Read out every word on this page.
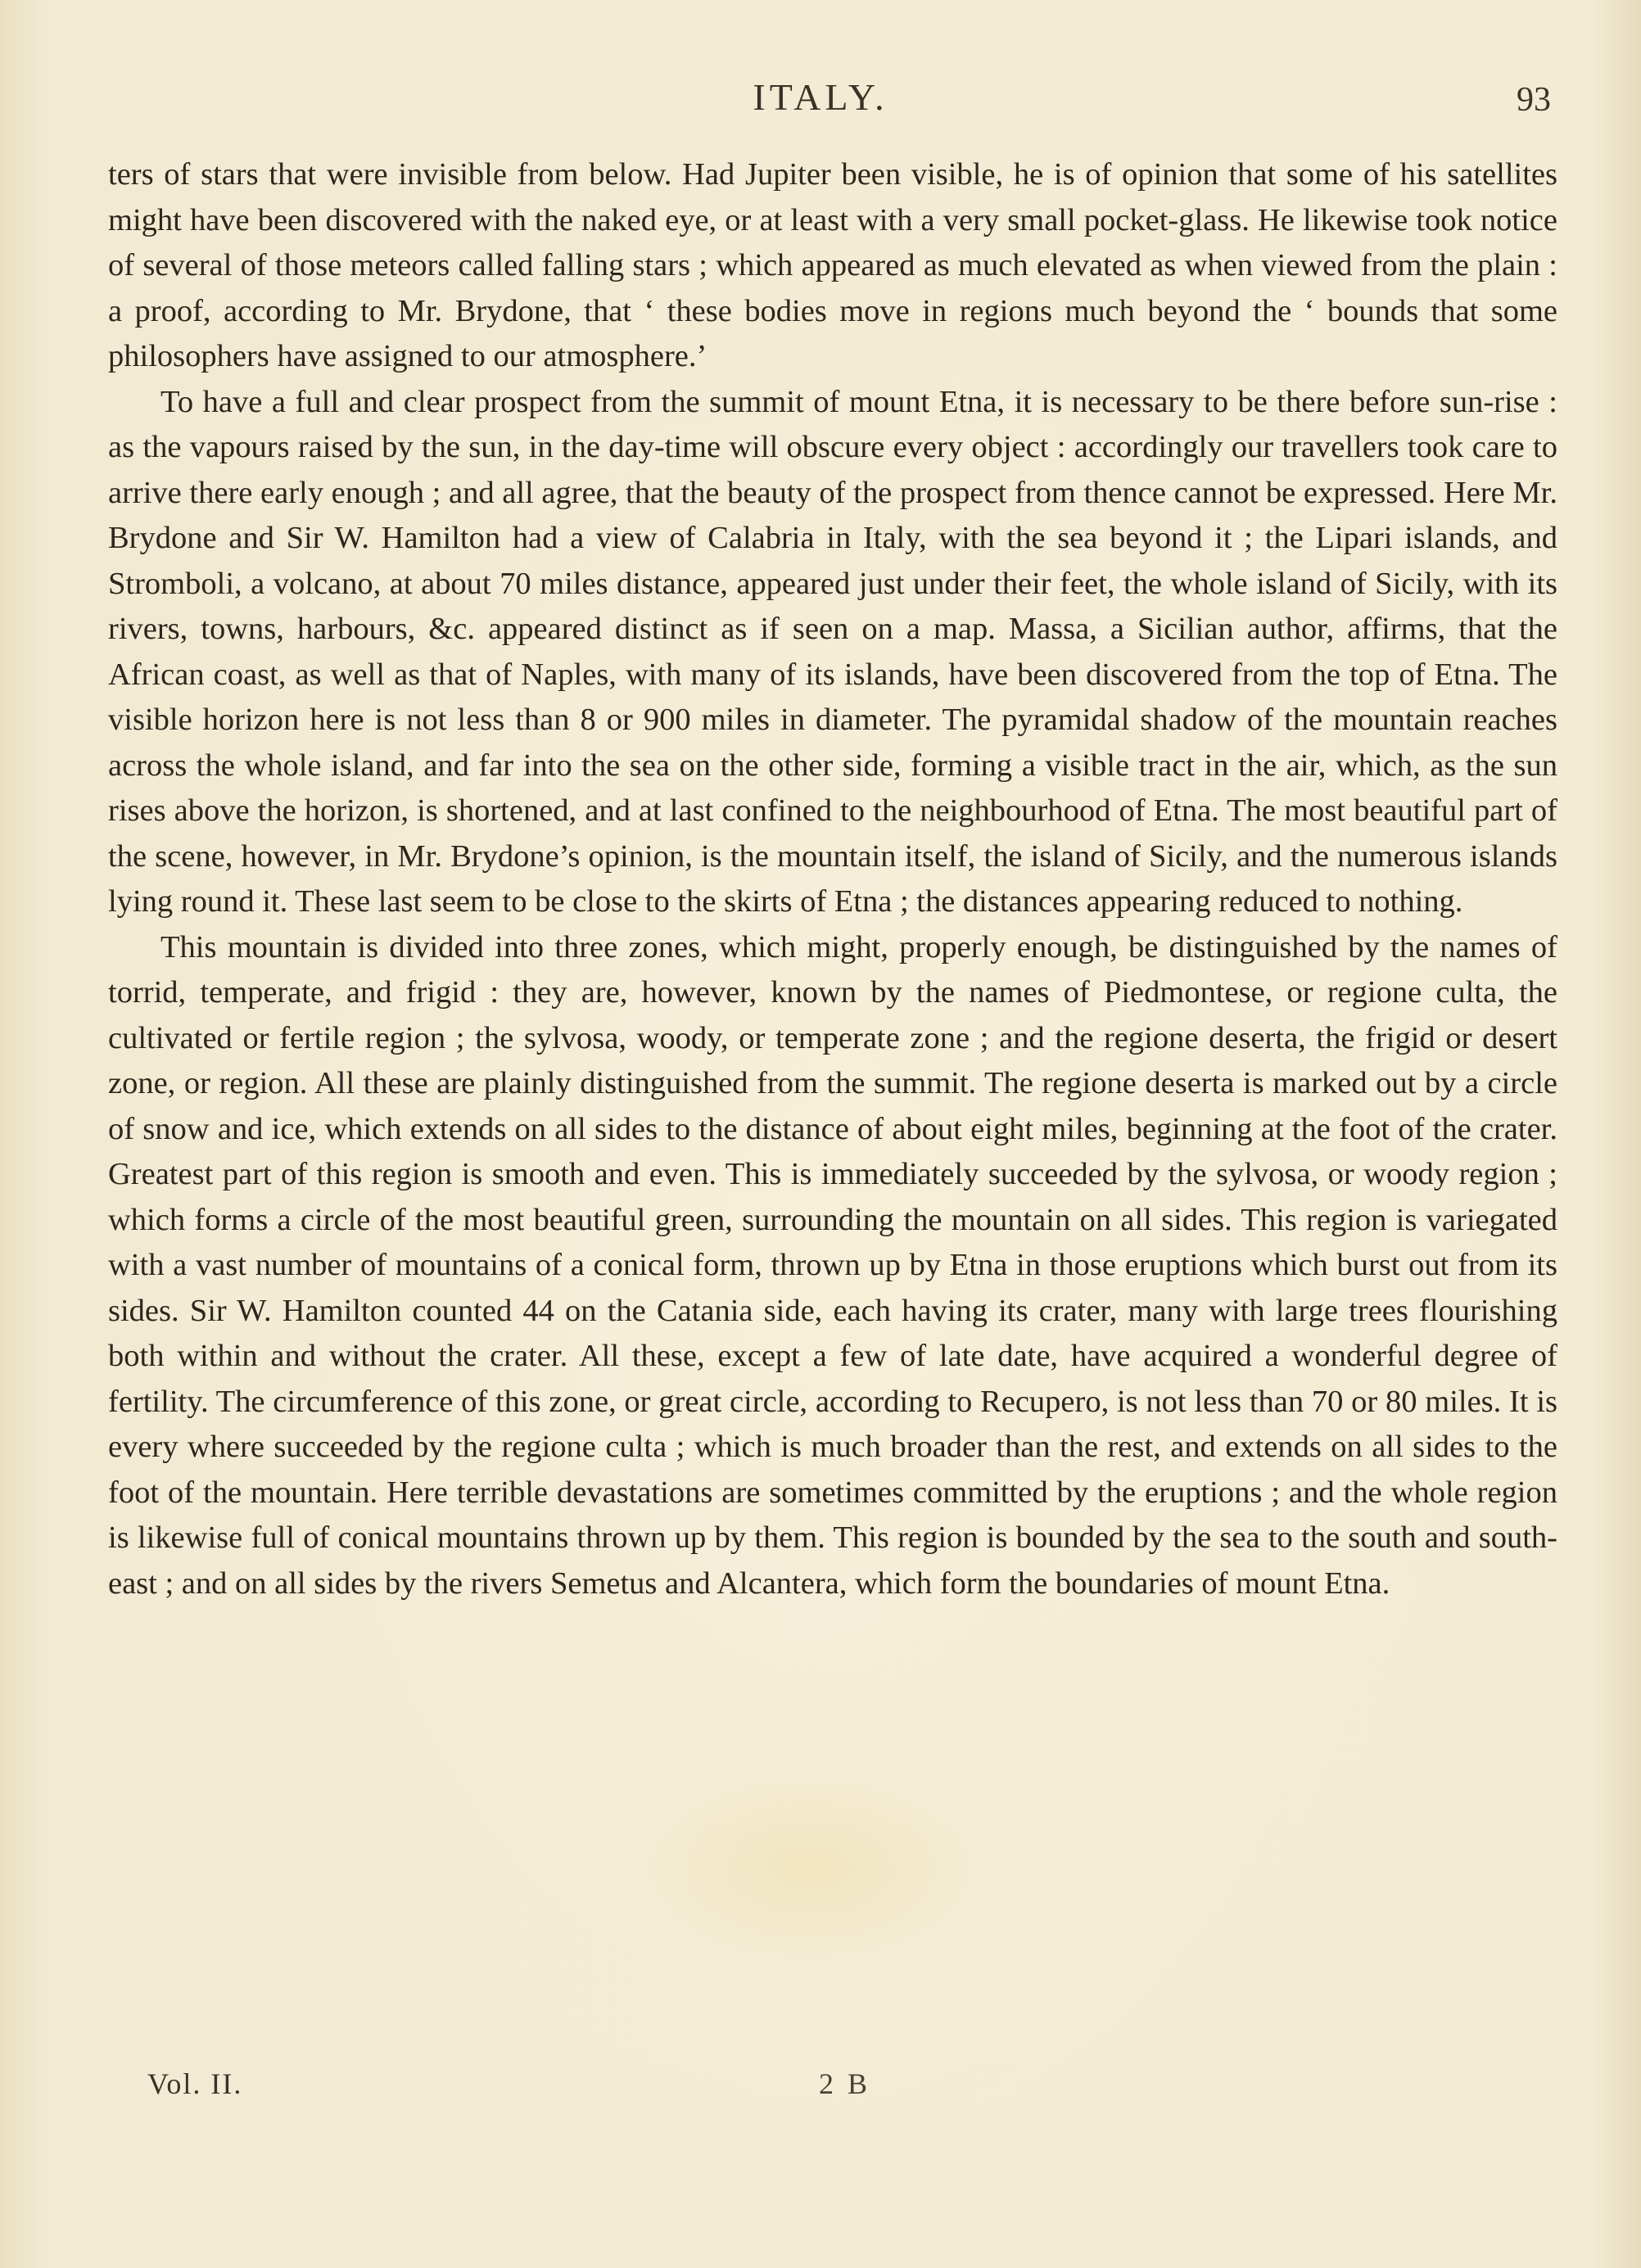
ITALY.	93

ters of stars that were invisible from below. Had Jupiter been visible, he is of opinion that some of his satellites might have been discovered with the naked eye, or at least with a very small pocket-glass. He likewise took notice of several of those meteors called falling stars ; which appeared as much elevated as when viewed from the plain : a proof, according to Mr. Brydone, that ‘ these bodies move in regions much beyond the ‘ bounds that some philosophers have assigned to our atmosphere.’

To have a full and clear prospect from the summit of mount Etna, it is necessary to be there before sun-rise : as the vapours raised by the sun, in the day-time will obscure every object : accordingly our travellers took care to arrive there early enough ; and all agree, that the beauty of the prospect from thence cannot be expressed. Here Mr. Brydone and Sir W. Hamilton had a view of Calabria in Italy, with the sea beyond it ; the Lipari islands, and Stromboli, a volcano, at about 70 miles distance, appeared just under their feet, the whole island of Sicily, with its rivers, towns, harbours, &c. appeared distinct as if seen on a map. Massa, a Sicilian author, affirms, that the African coast, as well as that of Naples, with many of its islands, have been discovered from the top of Etna. The visible horizon here is not less than 8 or 900 miles in diameter. The pyramidal shadow of the mountain reaches across the whole island, and far into the sea on the other side, forming a visible tract in the air, which, as the sun rises above the horizon, is shortened, and at last confined to the neighbourhood of Etna. The most beautiful part of the scene, however, in Mr. Brydone’s opinion, is the mountain itself, the island of Sicily, and the numerous islands lying round it. These last seem to be close to the skirts of Etna ; the distances appearing reduced to nothing.

This mountain is divided into three zones, which might, properly enough, be distinguished by the names of torrid, temperate, and frigid : they are, however, known by the names of Piedmontese, or regione culta, the cultivated or fertile region ; the sylvosa, woody, or temperate zone ; and the regione deserta, the frigid or desert zone, or region. All these are plainly distinguished from the summit. The regione deserta is marked out by a circle of snow and ice, which extends on all sides to the distance of about eight miles, beginning at the foot of the crater. Greatest part of this region is smooth and even. This is immediately succeeded by the sylvosa, or woody region ; which forms a circle of the most beautiful green, surrounding the mountain on all sides. This region is variegated with a vast number of mountains of a conical form, thrown up by Etna in those eruptions which burst out from its sides. Sir W. Hamilton counted 44 on the Catania side, each having its crater, many with large trees flourishing both within and without the crater. All these, except a few of late date, have acquired a wonderful degree of fertility. The circumference of this zone, or great circle, according to Recupero, is not less than 70 or 80 miles. It is every where succeeded by the regione culta ; which is much broader than the rest, and extends on all sides to the foot of the mountain. Here terrible devastations are sometimes committed by the eruptions ; and the whole region is likewise full of conical mountains thrown up by them. This region is bounded by the sea to the south and south-east ; and on all sides by the rivers Semetus and Alcantera, which form the boundaries of mount Etna.

Vol. II.	2 B
